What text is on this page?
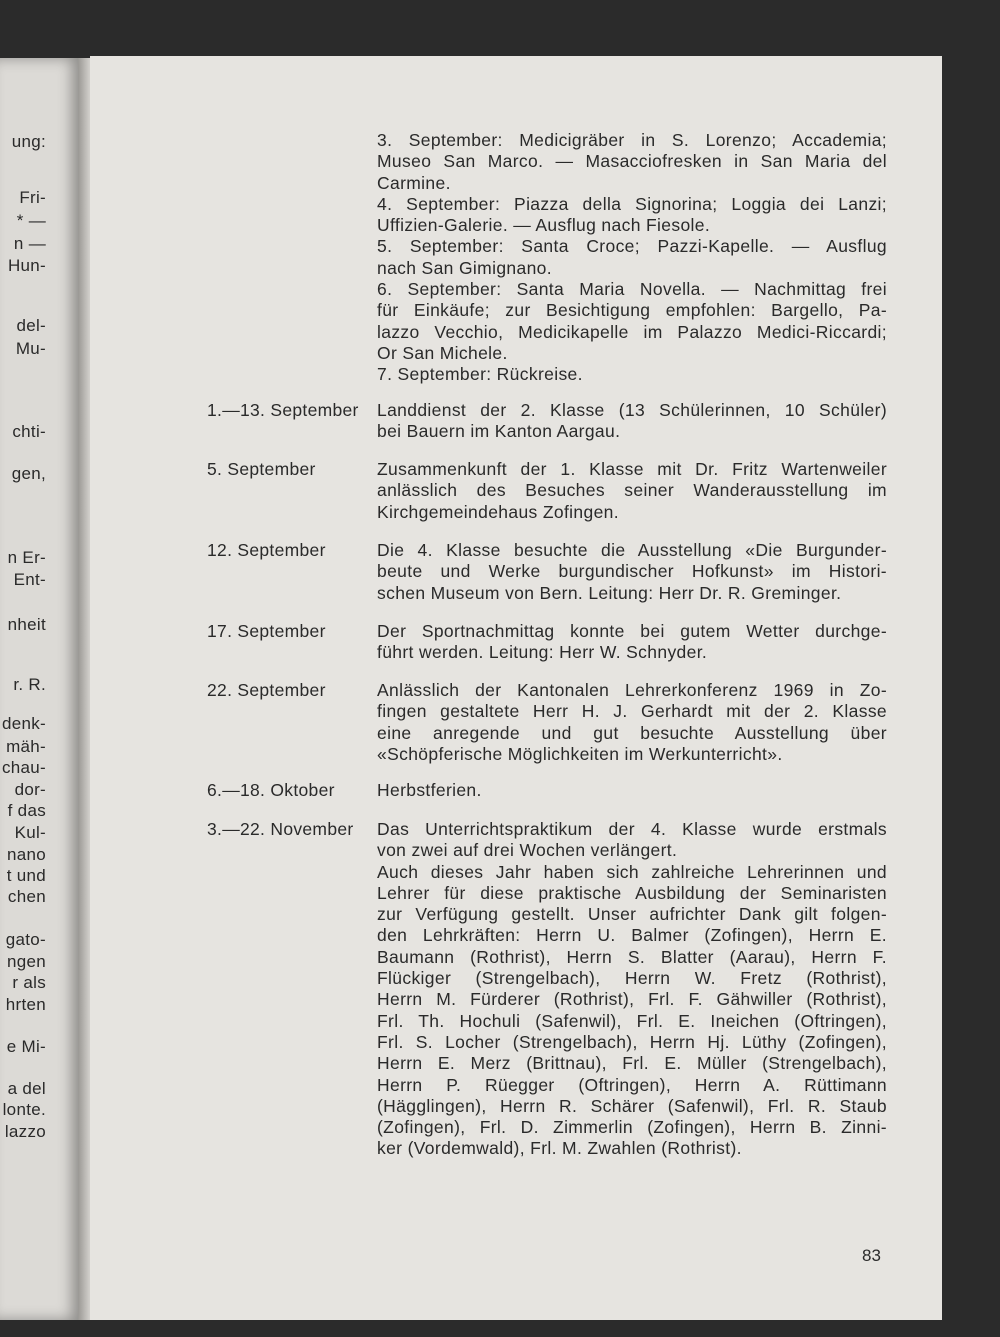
ung:
Fri-
* —
n —
Hun-
del-
Mu-
chti-
gen,
n Er-
Ent-
nheit
r. R.
denk-
mäh-
chau-
dor-
f das
Kul-
nano
t und
chen
gato-
ngen
r als
hrten
e Mi-
a del
lonte.
lazzo
3. September: Medicigräber in S. Lorenzo; Accademia;
Museo San Marco. — Masacciofresken in San Maria del
Carmine.
4. September: Piazza della Signorina; Loggia dei Lanzi;
Uffizien-Galerie. — Ausflug nach Fiesole.
5. September: Santa Croce; Pazzi-Kapelle. — Ausflug
nach San Gimignano.
6. September: Santa Maria Novella. — Nachmittag frei
für Einkäufe; zur Besichtigung empfohlen: Bargello, Pa-
lazzo Vecchio, Medicikapelle im Palazzo Medici-Riccardi;
Or San Michele.
7. September: Rückreise.
83
1.—13. September Landdienst der 2. Klasse (13 Schülerinnen, 10 Schüler)
bei Bauern im Kanton Aargau.
5. September	Zusammenkunft der 1. Klasse mit Dr. Fritz Wartenweiler
anlässlich des Besuches seiner Wanderausstellung im
Kirchgemeindehaus Zofingen.
12. September	Die 4. Klasse besuchte die Ausstellung «Die Burgunder-
beute und Werke burgundischer Hofkunst» im Histori-
schen Museum von Bern. Leitung: Herr Dr. R. Greminger.
17. September	Der Sportnachmittag konnte bei gutem Wetter durchge-
führt werden. Leitung: Herr W. Schnyder.
22. September	Anlässlich der Kantonalen Lehrerkonferenz 1969 in Zo-
fingen gestaltete Herr H. J. Gerhardt mit der 2. Klasse
eine anregende und gut besuchte Ausstellung über
«Schöpferische Möglichkeiten im Werkunterricht».
6.—18. Oktober Herbstferien.
3.—22. November Das Unterrichtspraktikum der 4. Klasse wurde erstmals
von zwei auf drei Wochen verlängert.
Auch dieses Jahr haben sich zahlreiche Lehrerinnen und
Lehrer für diese praktische Ausbildung der Seminaristen
zur Verfügung gestellt. Unser aufrichter Dank gilt folgen-
den Lehrkräften: Herrn U. Balmer (Zofingen), Herrn E.
Baumann (Rothrist), Herrn S. Blatter (Aarau), Herrn F.
Flückiger (Strengelbach), Herrn W. Fretz (Rothrist),
Herrn M. Fürderer (Rothrist), Frl. F. Gähwiller (Rothrist),
Frl. Th. Hochuli (Safenwil), Frl. E. Ineichen (Oftringen),
Frl. S. Locher (Strengelbach), Herrn Hj. Lüthy (Zofingen),
Herrn E. Merz (Brittnau), Frl. E. Müller (Strengelbach),
Herrn P. Rüegger (Oftringen), Herrn A. Rüttimann
(Hägglingen), Herrn R. Schärer (Safenwil), Frl. R. Staub
(Zofingen), Frl. D. Zimmerlin (Zofingen), Herrn B. Zinni-
ker (Vordemwald), Frl. M. Zwahlen (Rothrist).
